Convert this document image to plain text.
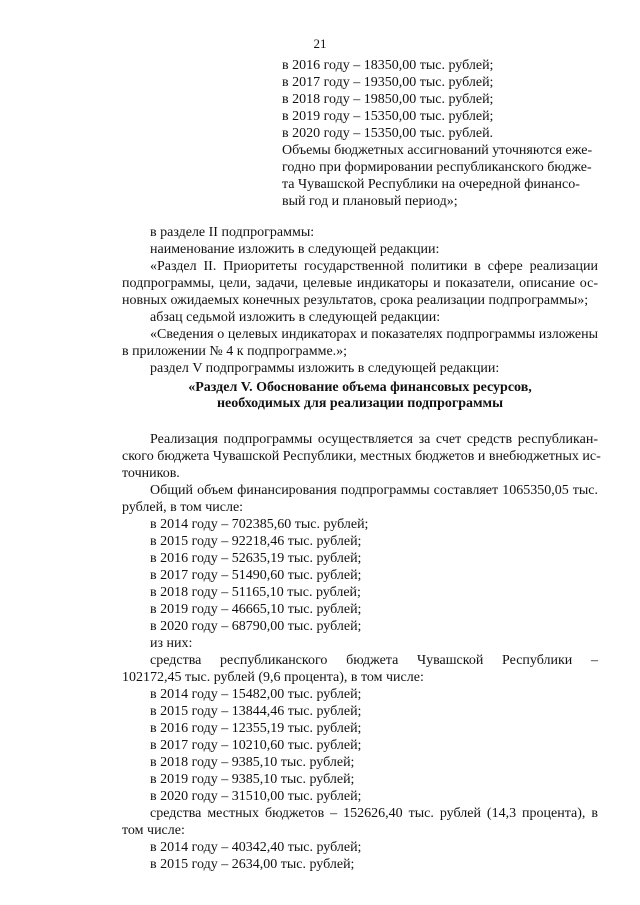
21
в 2016 году – 18350,00 тыс. рублей;
в 2017 году – 19350,00 тыс. рублей;
в 2018 году – 19850,00 тыс. рублей;
в 2019 году – 15350,00 тыс. рублей;
в 2020 году – 15350,00 тыс. рублей.
Объемы бюджетных ассигнований уточняются еже-
годно при формировании республиканского бюдже-
та Чувашской Республики на очередной финансо-
вый год и плановый период»;
в разделе II подпрограммы:
наименование изложить в следующей редакции:
«Раздел II. Приоритеты государственной политики в сфере реализации
подпрограммы, цели, задачи, целевые индикаторы и показатели, описание ос-
новных ожидаемых конечных результатов, срока реализации подпрограммы»;
абзац седьмой изложить в следующей редакции:
«Сведения о целевых индикаторах и показателях подпрограммы изложены
в приложении № 4 к подпрограмме.»;
раздел V подпрограммы изложить в следующей редакции:
«Раздел V. Обоснование объема финансовых ресурсов,
необходимых для реализации подпрограммы
Реализация подпрограммы осуществляется за счет средств республикан-
ского бюджета Чувашской Республики, местных бюджетов и внебюджетных ис-
точников.
Общий объем финансирования подпрограммы составляет 1065350,05 тыс.
рублей, в том числе:
в 2014 году – 702385,60 тыс. рублей;
в 2015 году – 92218,46 тыс. рублей;
в 2016 году – 52635,19 тыс. рублей;
в 2017 году – 51490,60 тыс. рублей;
в 2018 году – 51165,10 тыс. рублей;
в 2019 году – 46665,10 тыс. рублей;
в 2020 году – 68790,00 тыс. рублей;
из них:
средства республиканского бюджета Чувашской Республики –
102172,45 тыс. рублей (9,6 процента), в том числе:
в 2014 году – 15482,00 тыс. рублей;
в 2015 году – 13844,46 тыс. рублей;
в 2016 году – 12355,19 тыс. рублей;
в 2017 году – 10210,60 тыс. рублей;
в 2018 году – 9385,10 тыс. рублей;
в 2019 году – 9385,10 тыс. рублей;
в 2020 году – 31510,00 тыс. рублей;
средства местных бюджетов – 152626,40 тыс. рублей (14,3 процента), в
том числе:
в 2014 году – 40342,40 тыс. рублей;
в 2015 году – 2634,00 тыс. рублей;
